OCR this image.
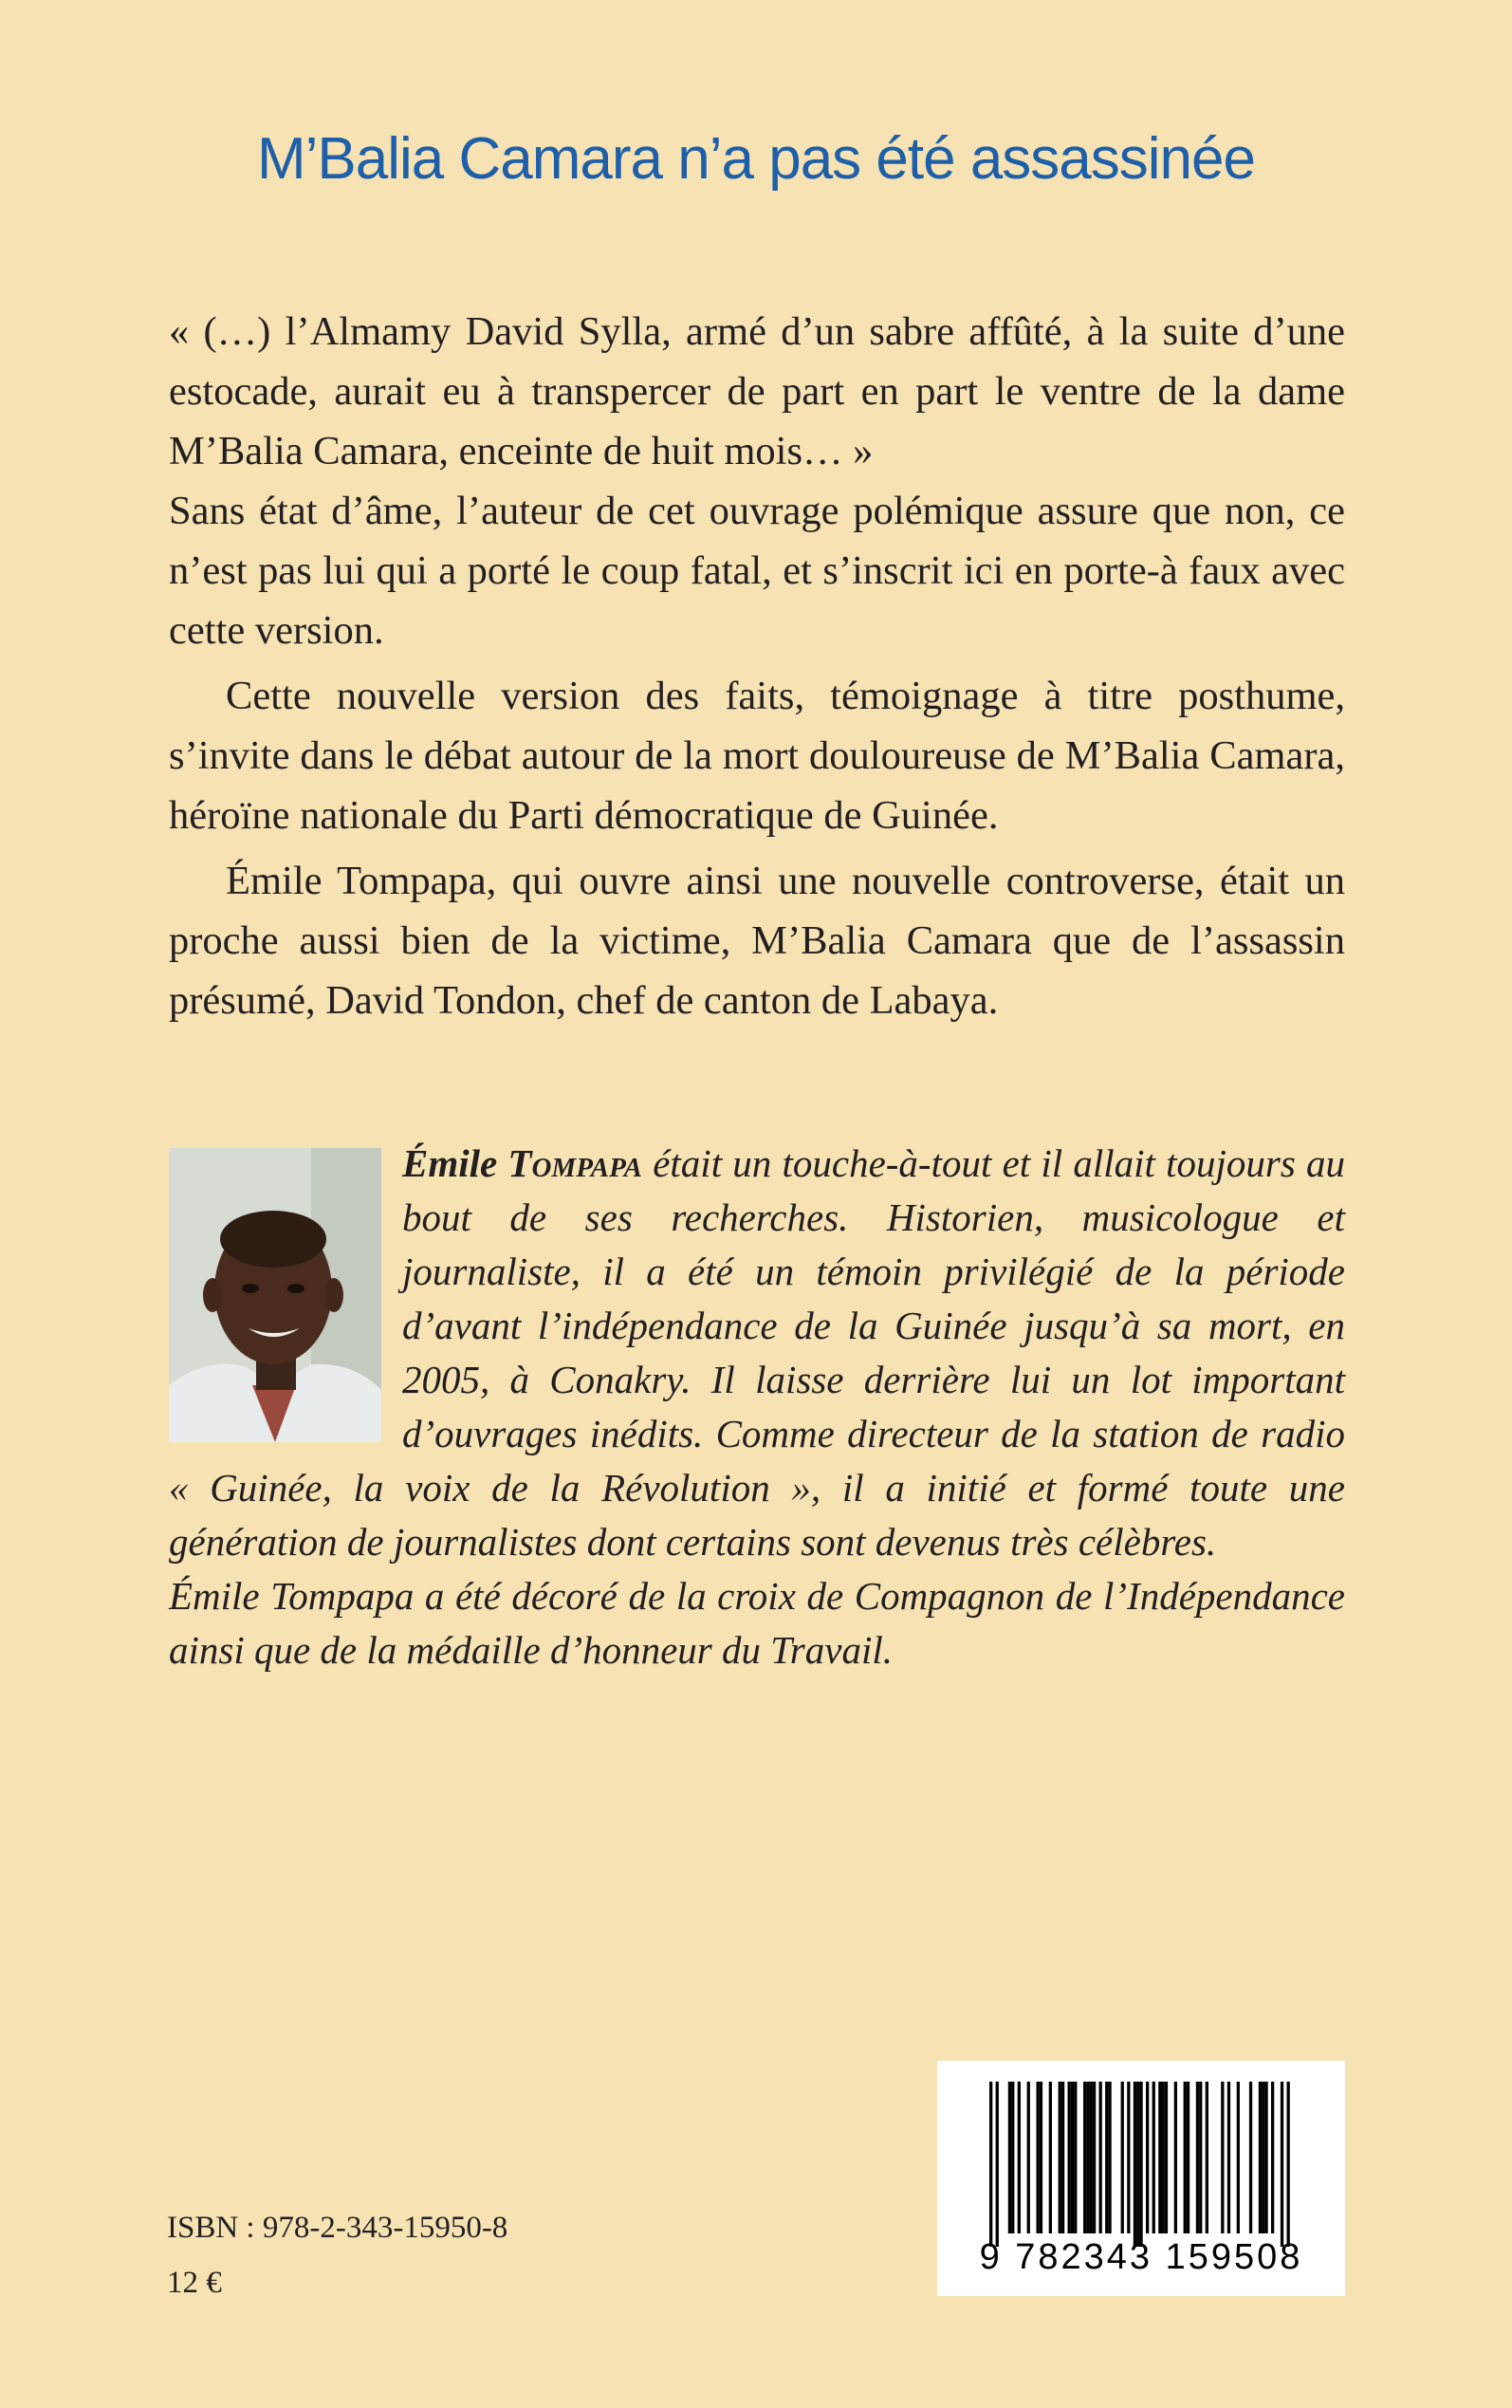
M’Balia Camara n’a pas été assassinée

« (…) l’Almamy David Sylla, armé d’un sabre affûté, à la suite d’une estocade, aurait eu à transpercer de part en part le ventre de la dame M’Balia Camara, enceinte de huit mois… »

Sans état d’âme, l’auteur de cet ouvrage polémique assure que non, ce n’est pas lui qui a porté le coup fatal, et s’inscrit ici en porte-à faux avec cette version.

Cette nouvelle version des faits, témoignage à titre posthume, s’invite dans le débat autour de la mort douloureuse de M’Balia Camara, héroïne nationale du Parti démocratique de Guinée.

Émile Tompapa, qui ouvre ainsi une nouvelle controverse, était un proche aussi bien de la victime, M’Balia Camara que de l’assassin présumé, David Tondon, chef de canton de Labaya.

Émile Tompapa était un touche-à-tout et il allait toujours au bout de ses recherches. Historien, musicologue et journaliste, il a été un témoin privilégié de la période d’avant l’indépendance de la Guinée jusqu’à sa mort, en 2005, à Conakry. Il laisse derrière lui un lot important d’ouvrages inédits. Comme directeur de la station de radio « Guinée, la voix de la Révolution », il a initié et formé toute une génération de journalistes dont certains sont devenus très célèbres.

Émile Tompapa a été décoré de la croix de Compagnon de l’Indépendance ainsi que de la médaille d’honneur du Travail.

ISBN : 978-2-343-15950-8
12 €
9 782343 159508
